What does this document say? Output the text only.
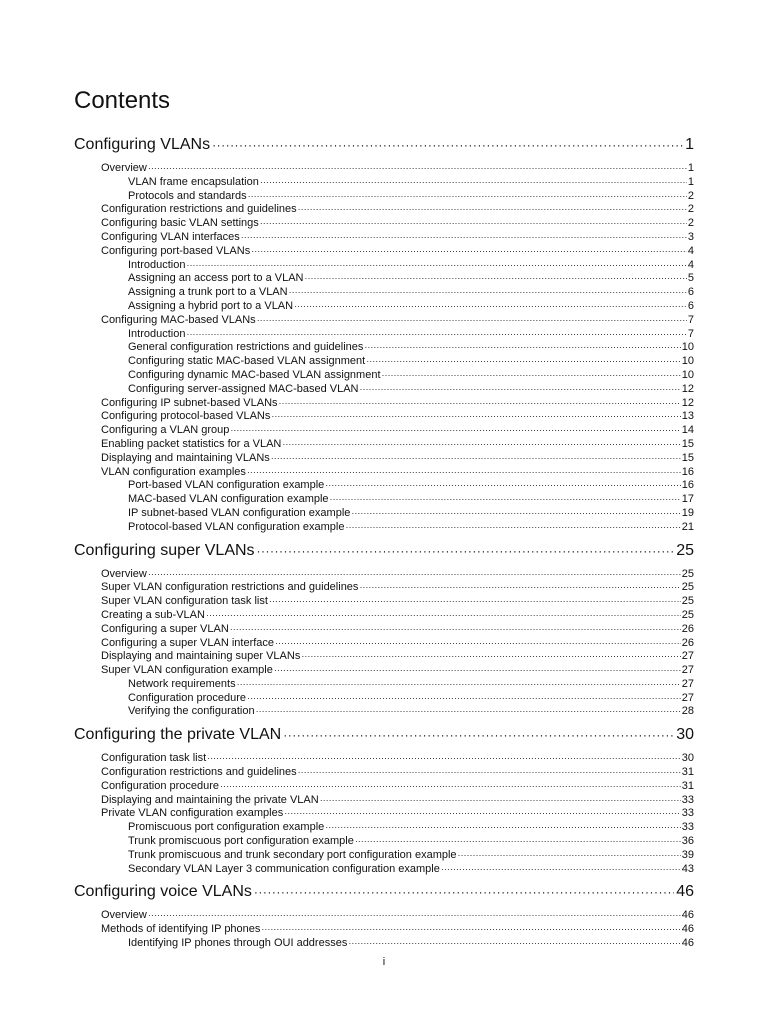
Contents
Configuring VLANs ·····	1
Overview ·····	1
VLAN frame encapsulation ·····	1
Protocols and standards ·····	2
Configuration restrictions and guidelines ·····	2
Configuring basic VLAN settings ·····	2
Configuring VLAN interfaces ·····	3
Configuring port-based VLANs ·····	4
Introduction ·····	4
Assigning an access port to a VLAN ·····	5
Assigning a trunk port to a VLAN ·····	6
Assigning a hybrid port to a VLAN ·····	6
Configuring MAC-based VLANs ·····	7
Introduction ·····	7
General configuration restrictions and guidelines ·····	10
Configuring static MAC-based VLAN assignment ·····	10
Configuring dynamic MAC-based VLAN assignment ·····	10
Configuring server-assigned MAC-based VLAN ·····	12
Configuring IP subnet-based VLANs ·····	12
Configuring protocol-based VLANs ·····	13
Configuring a VLAN group ·····	14
Enabling packet statistics for a VLAN ·····	15
Displaying and maintaining VLANs ·····	15
VLAN configuration examples ·····	16
Port-based VLAN configuration example ·····	16
MAC-based VLAN configuration example ·····	17
IP subnet-based VLAN configuration example ·····	19
Protocol-based VLAN configuration example ·····	21
Configuring super VLANs ·····	25
Overview ·····	25
Super VLAN configuration restrictions and guidelines ·····	25
Super VLAN configuration task list ·····	25
Creating a sub-VLAN ·····	25
Configuring a super VLAN ·····	26
Configuring a super VLAN interface ·····	26
Displaying and maintaining super VLANs ·····	27
Super VLAN configuration example ·····	27
Network requirements ·····	27
Configuration procedure ·····	27
Verifying the configuration ·····	28
Configuring the private VLAN ·····	30
Configuration task list ·····	30
Configuration restrictions and guidelines ·····	31
Configuration procedure ·····	31
Displaying and maintaining the private VLAN ·····	33
Private VLAN configuration examples ·····	33
Promiscuous port configuration example ·····	33
Trunk promiscuous port configuration example ·····	36
Trunk promiscuous and trunk secondary port configuration example ·····	39
Secondary VLAN Layer 3 communication configuration example ·····	43
Configuring voice VLANs ·····	46
Overview ·····	46
Methods of identifying IP phones ·····	46
Identifying IP phones through OUI addresses ·····	46
i
